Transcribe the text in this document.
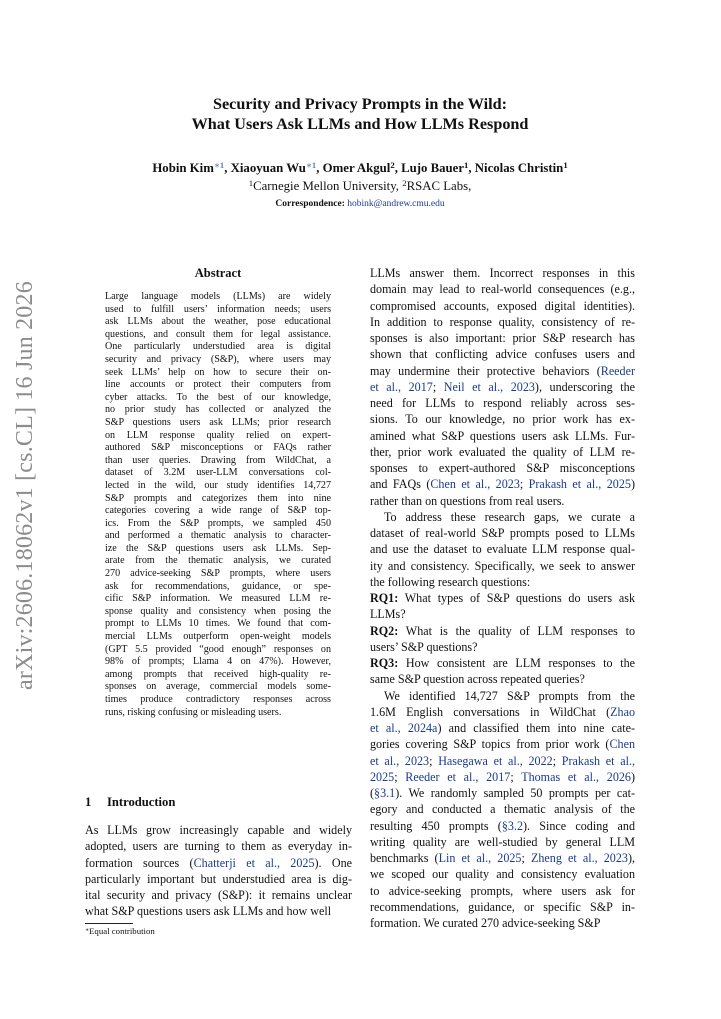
arXiv:2606.18062v1 [cs.CL] 16 Jun 2026
Security and Privacy Prompts in the Wild:
What Users Ask LLMs and How LLMs Respond
Hobin Kim$^{∗1}$, Xiaoyuan $Wu^{∗1}$, Omer Akgul$^2$, Lujo Bauer$^1$, Nicolas Christin$^1$
$^1$Carnegie Mellon University, $^2$RSAC Labs,
Correspondence: hobink@andrew.cmu.edu
Abstract
Large language models (LLMs) are widely
used to fulfill users’ information needs; users
ask LLMs about the weather, pose educational
questions, and consult them for legal assistance.
One particularly understudied area is digital
security and privacy (S&P), where users may
seek LLMs’ help on how to secure their on-
line accounts or protect their computers from
cyber attacks. To the best of our knowledge,
no prior study has collected or analyzed the
S&P questions users ask LLMs; prior research
on LLM response quality relied on expert-
authored S&P misconceptions or FAQs rather
than user queries. Drawing from WildChat, a
dataset of 3.2M user-LLM conversations col-
lected in the wild, our study identifies 14,727
S&P prompts and categorizes them into nine
categories covering a wide range of S&P top-
ics. From the S&P prompts, we sampled 450
and performed a thematic analysis to character-
ize the S&P questions users ask LLMs. Sep-
arate from the thematic analysis, we curated
270 advice-seeking S&P prompts, where users
ask for recommendations, guidance, or spe-
cific S&P information. We measured LLM re-
sponse quality and consistency when posing the
prompt to LLMs 10 times. We found that com-
mercial LLMs outperform open-weight models
(GPT 5.5 provided “good enough” responses on
98% of prompts; Llama 4 on 47%). However,
among prompts that received high-quality re-
sponses on average, commercial models some-
times produce contradictory responses across
runs, risking confusing or misleading users.
1 Introduction
As LLMs grow increasingly capable and widely
adopted, users are turning to them as everyday in-
formation sources (Chatterji et al., 2025). One
particularly important but understudied area is dig-
ital security and privacy (S&P): it remains unclear
what S&P questions users ask LLMs and how well
∗Equal contribution
LLMs answer them. Incorrect responses in this
domain may lead to real-world consequences (e.g.,
compromised accounts, exposed digital identities).
In addition to response quality, consistency of re-
sponses is also important: prior S&P research has
shown that conflicting advice confuses users and
may undermine their protective behaviors (Reeder
et al., 2017; Neil et al., 2023), underscoring the
need for LLMs to respond reliably across ses-
sions. To our knowledge, no prior work has ex-
amined what S&P questions users ask LLMs. Fur-
ther, prior work evaluated the quality of LLM re-
sponses to expert-authored S&P misconceptions
and FAQs (Chen et al., 2023; Prakash et al., 2025)
rather than on questions from real users.
To address these research gaps, we curate a
dataset of real-world S&P prompts posed to LLMs
and use the dataset to evaluate LLM response qual-
ity and consistency. Specifically, we seek to answer
the following research questions:
RQ1: What types of S&P questions do users ask
LLMs?
RQ2: What is the quality of LLM responses to
users’ S&P questions?
RQ3: How consistent are LLM responses to the
same S&P question across repeated queries?
We identified 14,727 S&P prompts from the
1.6M English conversations in WildChat (Zhao
et al., 2024a) and classified them into nine cate-
gories covering S&P topics from prior work (Chen
et al., 2023; Hasegawa et al., 2022; Prakash et al.,
2025; Reeder et al., 2017; Thomas et al., 2026)
(§3.1). We randomly sampled 50 prompts per cat-
egory and conducted a thematic analysis of the
resulting 450 prompts (§3.2). Since coding and
writing quality are well-studied by general LLM
benchmarks (Lin et al., 2025; Zheng et al., 2023),
we scoped our quality and consistency evaluation
to advice-seeking prompts, where users ask for
recommendations, guidance, or specific S&P in-
formation. We curated 270 advice-seeking S&P
